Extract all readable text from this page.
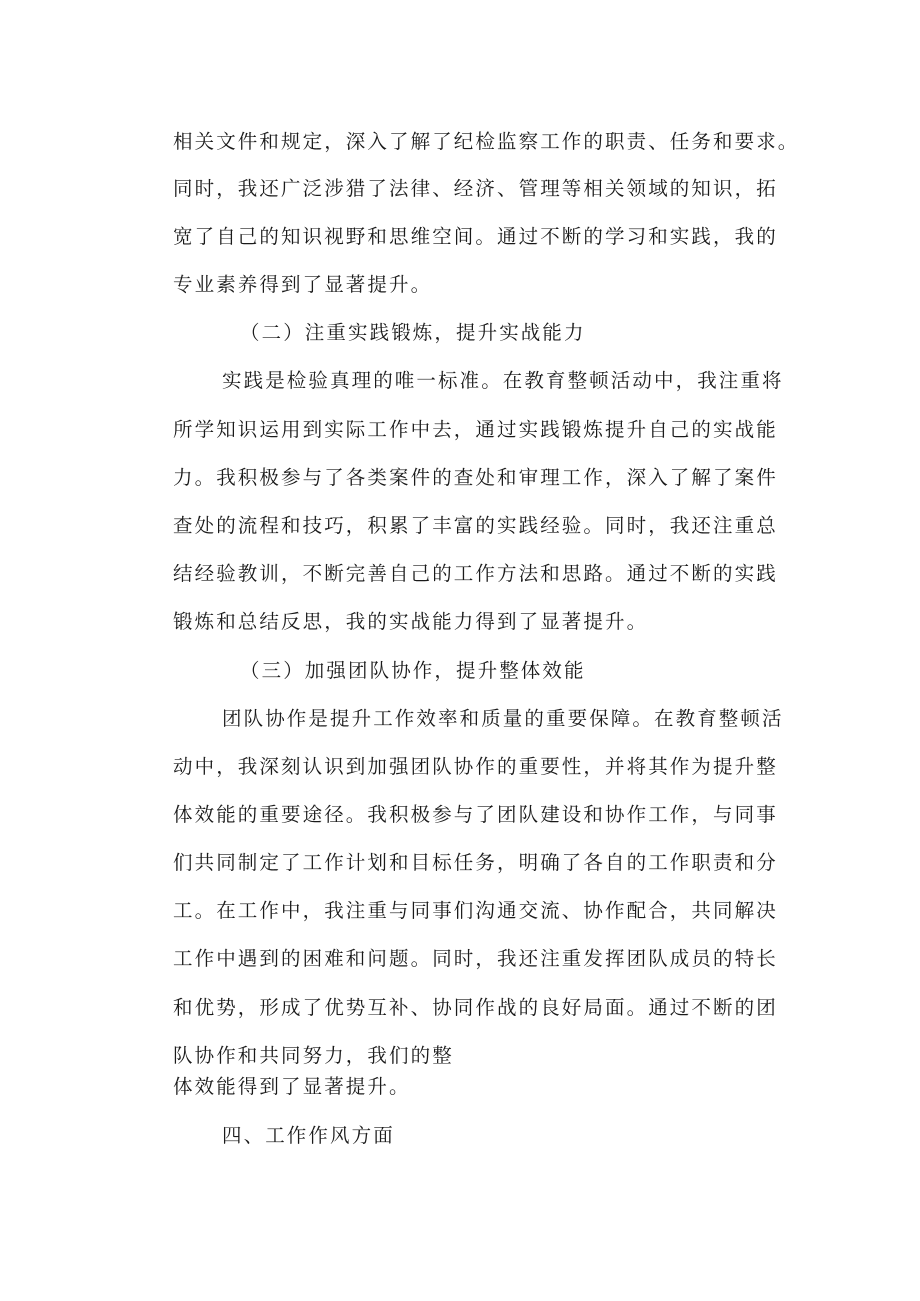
相关文件和规定，深入了解了纪检监察工作的职责、任务和要求。
同时，我还广泛涉猎了法律、经济、管理等相关领域的知识，拓
宽了自己的知识视野和思维空间。通过不断的学习和实践，我的
专业素养得到了显著提升。
（二）注重实践锻炼，提升实战能力
实践是检验真理的唯一标准。在教育整顿活动中，我注重将
所学知识运用到实际工作中去，通过实践锻炼提升自己的实战能
力。我积极参与了各类案件的查处和审理工作，深入了解了案件
查处的流程和技巧，积累了丰富的实践经验。同时，我还注重总
结经验教训，不断完善自己的工作方法和思路。通过不断的实践
锻炼和总结反思，我的实战能力得到了显著提升。
（三）加强团队协作，提升整体效能
团队协作是提升工作效率和质量的重要保障。在教育整顿活
动中，我深刻认识到加强团队协作的重要性，并将其作为提升整
体效能的重要途径。我积极参与了团队建设和协作工作，与同事
们共同制定了工作计划和目标任务，明确了各自的工作职责和分
工。在工作中，我注重与同事们沟通交流、协作配合，共同解决
工作中遇到的困难和问题。同时，我还注重发挥团队成员的特长
和优势，形成了优势互补、协同作战的良好局面。通过不断的团
队协作和共同努力，我们的整
体效能得到了显著提升。
四、工作作风方面
